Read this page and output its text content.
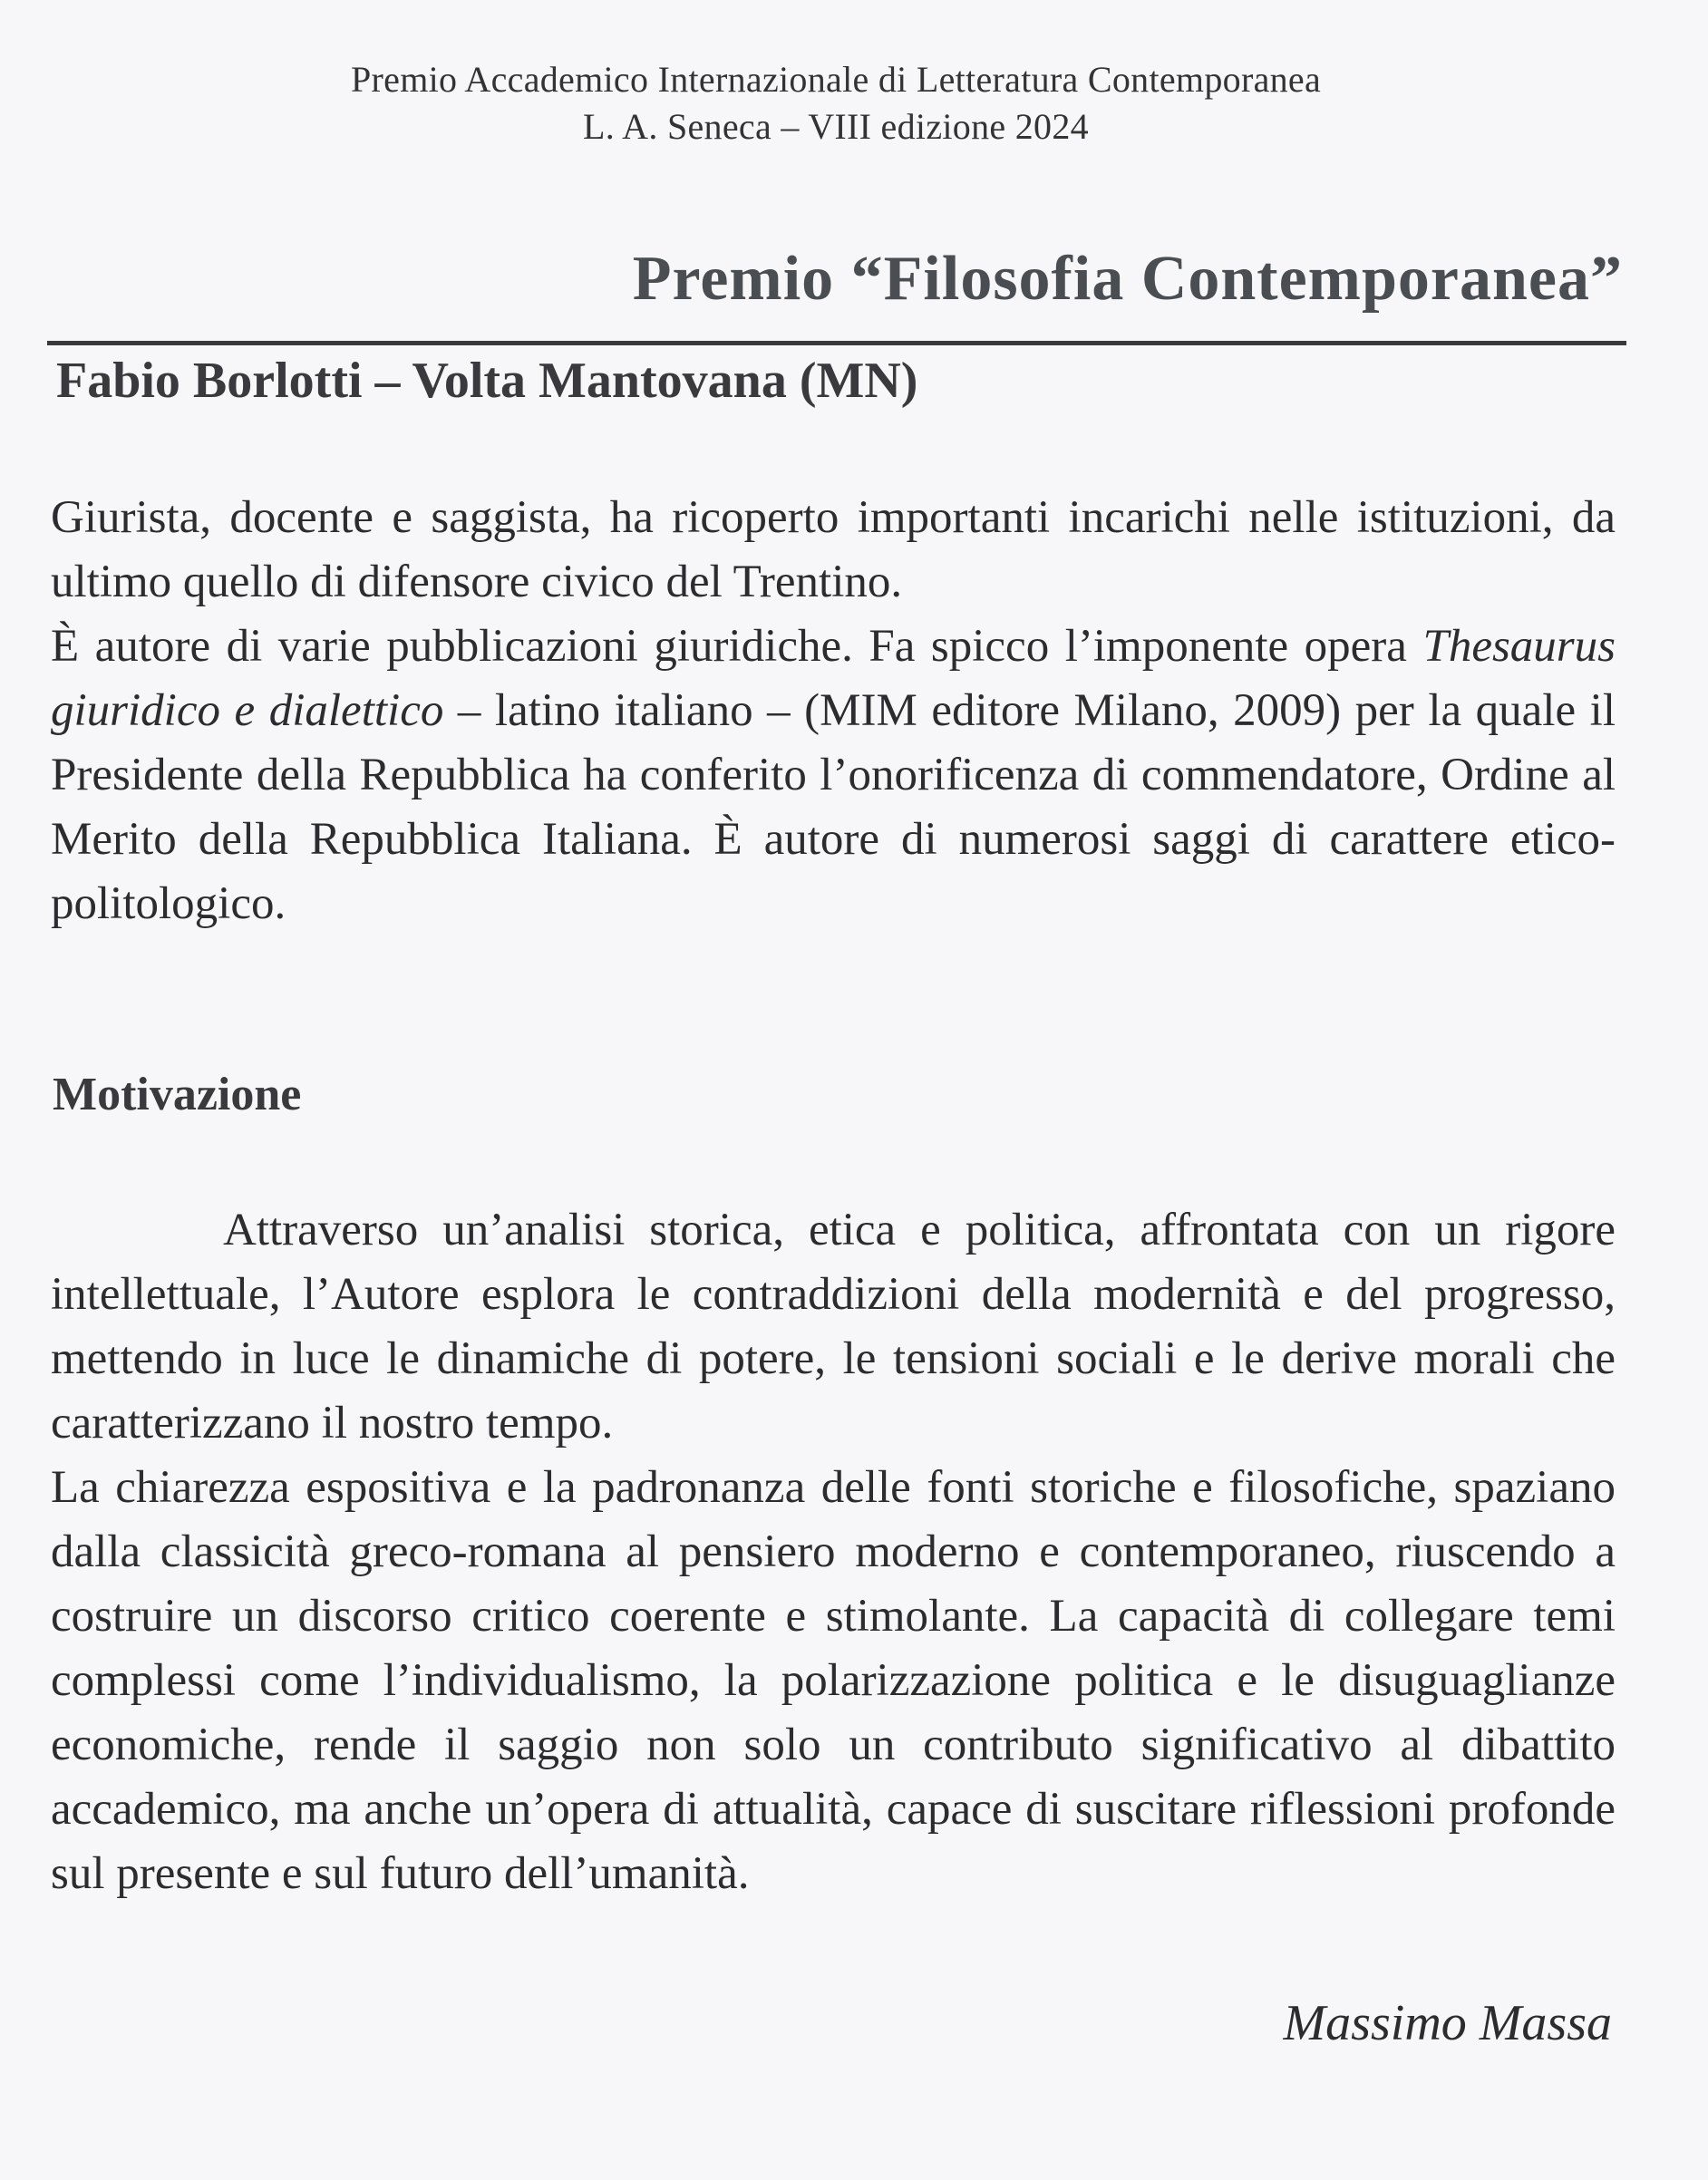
Premio Accademico Internazionale di Letteratura Contemporanea
L. A. Seneca – VIII edizione 2024
Premio “Filosofia Contemporanea”
Fabio Borlotti – Volta Mantovana (MN)

Giurista, docente e saggista, ha ricoperto importanti incarichi nelle istituzioni, da ultimo quello di difensore civico del Trentino.

È autore di varie pubblicazioni giuridiche. Fa spicco l’imponente opera Thesaurus giuridico e dialettico – latino italiano – (MIM editore Milano, 2009) per la quale il Presidente della Repubblica ha conferito l’onorificenza di commendatore, Ordine al Merito della Repubblica Italiana. È autore di numerosi saggi di carattere etico-politologico.

Motivazione

Attraverso un’analisi storica, etica e politica, affrontata con un rigore intellettuale, l’Autore esplora le contraddizioni della modernità e del progresso, mettendo in luce le dinamiche di potere, le tensioni sociali e le derive morali che caratterizzano il nostro tempo.

La chiarezza espositiva e la padronanza delle fonti storiche e filosofiche, spaziano dalla classicità greco-romana al pensiero moderno e contemporaneo, riuscendo a costruire un discorso critico coerente e stimolante. La capacità di collegare temi complessi come l’individualismo, la polarizzazione politica e le disuguaglianze economiche, rende il saggio non solo un contributo significativo al dibattito accademico, ma anche un’opera di attualità, capace di suscitare riflessioni profonde sul presente e sul futuro dell’umanità.

Massimo Massa
